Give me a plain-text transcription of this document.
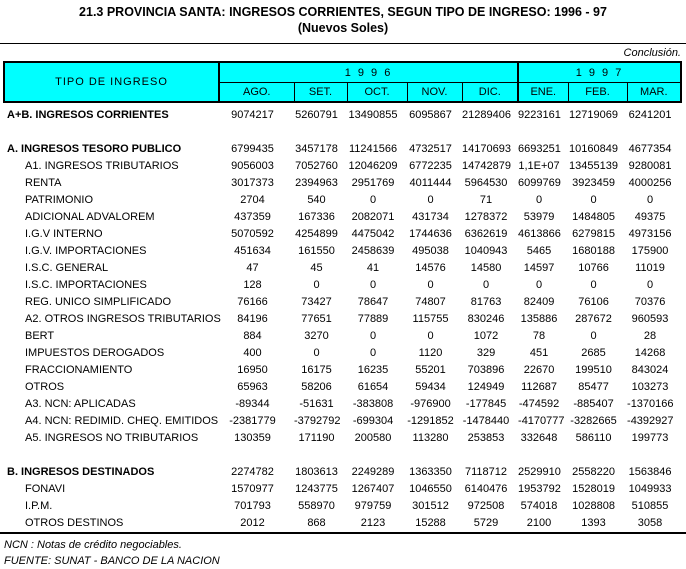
21.3 PROVINCIA SANTA: INGRESOS CORRIENTES, SEGUN TIPO DE INGRESO: 1996 - 97
(Nuevos Soles)
Conclusión.
TIPO DE INGRESO	1 9 9 6					1 9 9 7		
	AGO.	SET.	OCT.	NOV.	DIC.	ENE.	FEB.	MAR.

A+B. INGRESOS CORRIENTES	9074217	5260791	13490855	6095867	21289406	9223161	12719069	6241201

A. INGRESOS TESORO PUBLICO	6799435	3457178	11241566	4732517	14170693	6693251	10160849	4677354
A1. INGRESOS TRIBUTARIOS	9056003	7052760	12046209	6772235	14742879	1,1E+07	13455139	9280081
RENTA	3017373	2394963	2951769	4011444	5964530	6099769	3923459	4000256
PATRIMONIO	2704	540	0	0	71	0	0	0
ADICIONAL ADVALOREM	437359	167336	2082071	431734	1278372	53979	1484805	49375
I.G.V INTERNO	5070592	4254899	4475042	1744636	6362619	4613866	6279815	4973156
I.G.V. IMPORTACIONES	451634	161550	2458639	495038	1040943	5465	1680188	175900
I.S.C. GENERAL	47	45	41	14576	14580	14597	10766	11019
I.S.C. IMPORTACIONES	128	0	0	0	0	0	0	0
REG. UNICO SIMPLIFICADO	76166	73427	78647	74807	81763	82409	76106	70376
A2. OTROS INGRESOS TRIBUTARIOS	84196	77651	77889	115755	830246	135886	287672	960593
BERT	884	3270	0	0	1072	78	0	28
IMPUESTOS DEROGADOS	400	0	0	1120	329	451	2685	14268
FRACCIONAMIENTO	16950	16175	16235	55201	703896	22670	199510	843024
OTROS	65963	58206	61654	59434	124949	112687	85477	103273
A3. NCN: APLICADAS	-89344	-51631	-383808	-976900	-177845	-474592	-885407	-1370166
A4. NCN: REDIMID. CHEQ. EMITIDOS	-2381779	-3792792	-699304	-1291852	-1478440	-4170777	-3282665	-4392927
A5. INGRESOS NO TRIBUTARIOS	130359	171190	200580	113280	253853	332648	586110	199773

B. INGRESOS DESTINADOS	2274782	1803613	2249289	1363350	7118712	2529910	2558220	1563846
FONAVI	1570977	1243775	1267407	1046550	6140476	1953792	1528019	1049933
I.P.M.	701793	558970	979759	301512	972508	574018	1028808	510855
OTROS DESTINOS	2012	868	2123	15288	5729	2100	1393	3058
NCN : Notas de crédito negociables.
FUENTE: SUNAT - BANCO DE LA NACION
